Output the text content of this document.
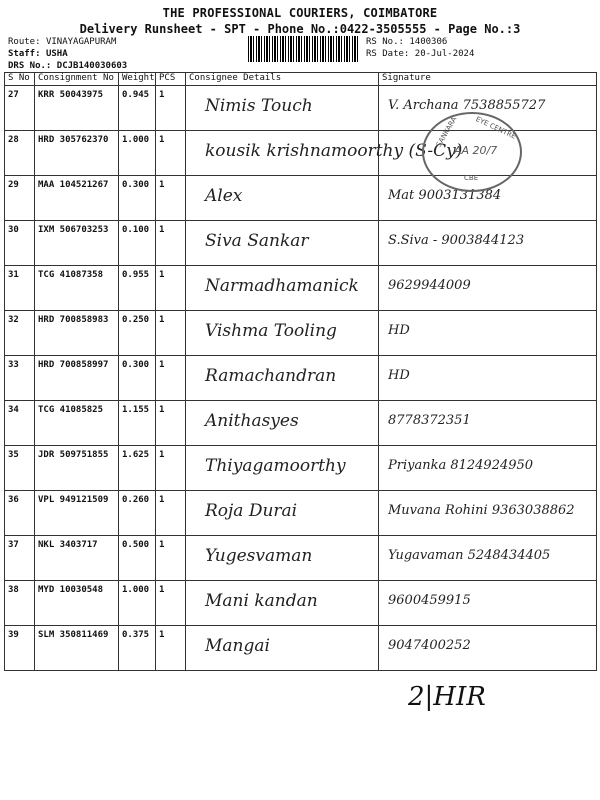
THE PROFESSIONAL COURIERS, COIMBATORE
Delivery Runsheet - SPT - Phone No.:0422-3505555 - Page No.:3
Route: VINAYAGAPURAM
Staff: USHA
DRS No.: DCJB140030603
RS No.: 1400306
RS Date: 20-Jul-2024
S No	Consignment No	Weight	PCS	Consignee Details	Signature
27	KRR 50043975	0.945	1	Nimis Touch	V. Archana 7538855727

28	HRD 305762370	1.000	1	kousik krishnamoorthy (S-Cy)	

29	MAA 104521267	0.300	1	Alex	Mat 9003131384

30	IXM 506703253	0.100	1	Siva Sankar	S.Siva - 9003844123

31	TCG 41087358	0.955	1	Narmadhamanick	9629944009

32	HRD 700858983	0.250	1	Vishma Tooling	HD

33	HRD 700858997	0.300	1	Ramachandran	HD

34	TCG 41085825	1.155	1	Anithasyes	8778372351

35	JDR 509751855	1.625	1	Thiyagamoorthy	Priyanka 8124924950

36	VPL 949121509	0.260	1	Roja Durai	Muvana Rohini 9363038862

37	NKL 3403717	0.500	1	Yugesvaman	Yugavaman 5248434405

38	MYD 10030548	1.000	1	Mani kandan	9600459915

39	SLM 350811469	0.375	1	Mangai	9047400252
SANKARA EYE CENTRE
CBE
AA 20/7
2|HIR
